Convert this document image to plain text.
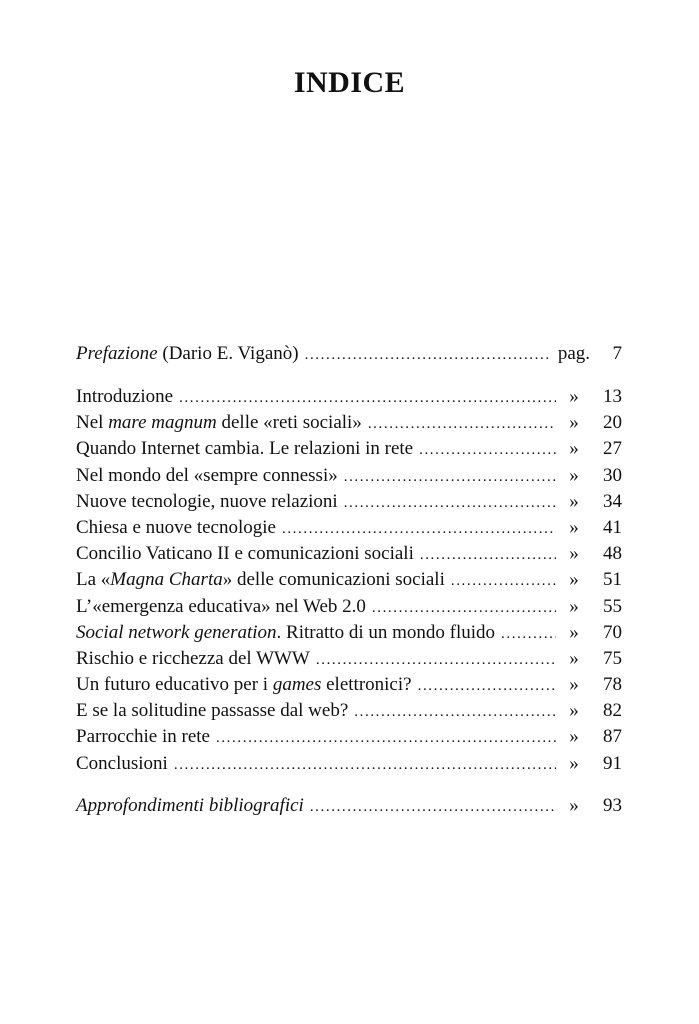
INDICE
Prefazione (Dario E. Viganò) .....	pag.	7
Introduzione .....	»	13
Nel mare magnum delle «reti sociali» .....	»	20
Quando Internet cambia. Le relazioni in rete .....	»	27
Nel mondo del «sempre connessi» .....	»	30
Nuove tecnologie, nuove relazioni .....	»	34
Chiesa e nuove tecnologie .....	»	41
Concilio Vaticano II e comunicazioni sociali .....	»	48
La «Magna Charta» delle comunicazioni sociali .....	»	51
L’«emergenza educativa» nel Web 2.0 .....	»	55
Social network generation. Ritratto di un mondo fluido .....	»	70
Rischio e ricchezza del WWW .....	»	75
Un futuro educativo per i games elettronici? .....	»	78
E se la solitudine passasse dal web? .....	»	82
Parrocchie in rete .....	»	87
Conclusioni .....	»	91
Approfondimenti bibliografici .....	»	93
